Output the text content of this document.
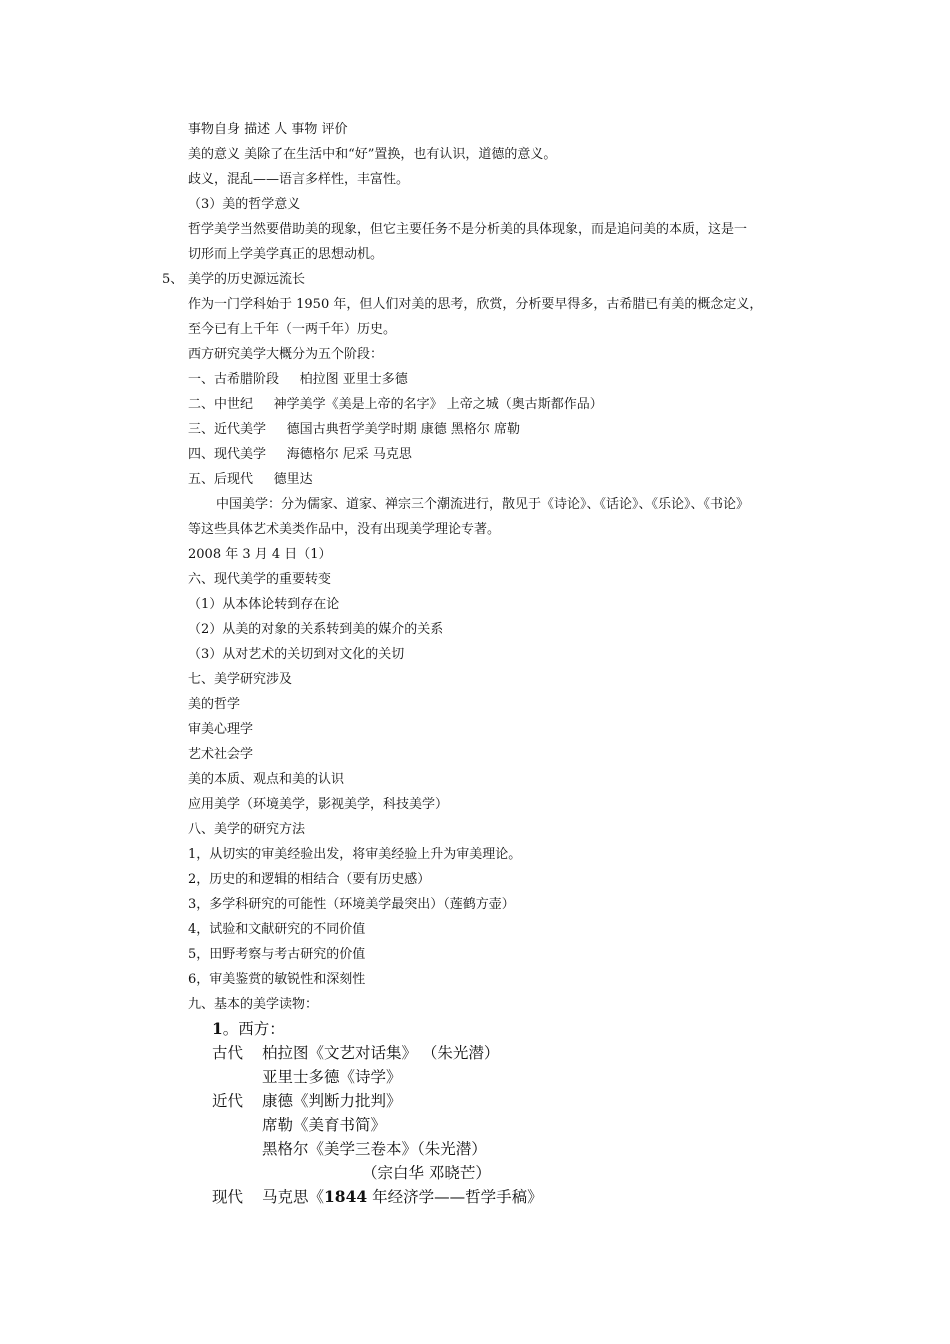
事物自身 描述 人 事物 评价
美的意义 美除了在生活中和“好”置换，也有认识，道德的意义。
歧义，混乱——语言多样性，丰富性。
（3）美的哲学意义
哲学美学当然要借助美的现象，但它主要任务不是分析美的具体现象，而是追问美的本质，这是一
切形而上学美学真正的思想动机。
5、 美学的历史源远流长
作为一门学科始于 1950 年，但人们对美的思考，欣赏，分析要早得多，古希腊已有美的概念定义，
至今已有上千年（一两千年）历史。
西方研究美学大概分为五个阶段：
一、古希腊阶段     柏拉图 亚里士多德
二、中世纪     神学美学《美是上帝的名字》 上帝之城（奥古斯都作品）
三、近代美学     德国古典哲学美学时期 康德 黑格尔 席勒
四、现代美学     海德格尔 尼采 马克思
五、后现代     德里达
中国美学：分为儒家、道家、禅宗三个潮流进行，散见于《诗论》、《话论》、《乐论》、《书论》
等这些具体艺术美类作品中，没有出现美学理论专著。
2008 年 3 月 4 日（1）
六、现代美学的重要转变
（1）从本体论转到存在论
（2）从美的对象的关系转到美的媒介的关系
（3）从对艺术的关切到对文化的关切
七、美学研究涉及
美的哲学
审美心理学
艺术社会学
美的本质、观点和美的认识
应用美学（环境美学，影视美学，科技美学）
八、美学的研究方法
1，从切实的审美经验出发，将审美经验上升为审美理论。
2，历史的和逻辑的相结合（要有历史感）
3，多学科研究的可能性（环境美学最突出）（莲鹤方壶）
4，试验和文献研究的不同价值
5，田野考察与考古研究的价值
6，审美鉴赏的敏锐性和深刻性
九、基本的美学读物：
1。西方：
古代 柏拉图《文艺对话集》 （朱光潜）
亚里士多德《诗学》
近代 康德《判断力批判》
席勒《美育书简》
黑格尔《美学三卷本》（朱光潜）
（宗白华 邓晓芒）
现代 马克思《1844 年经济学——哲学手稿》
